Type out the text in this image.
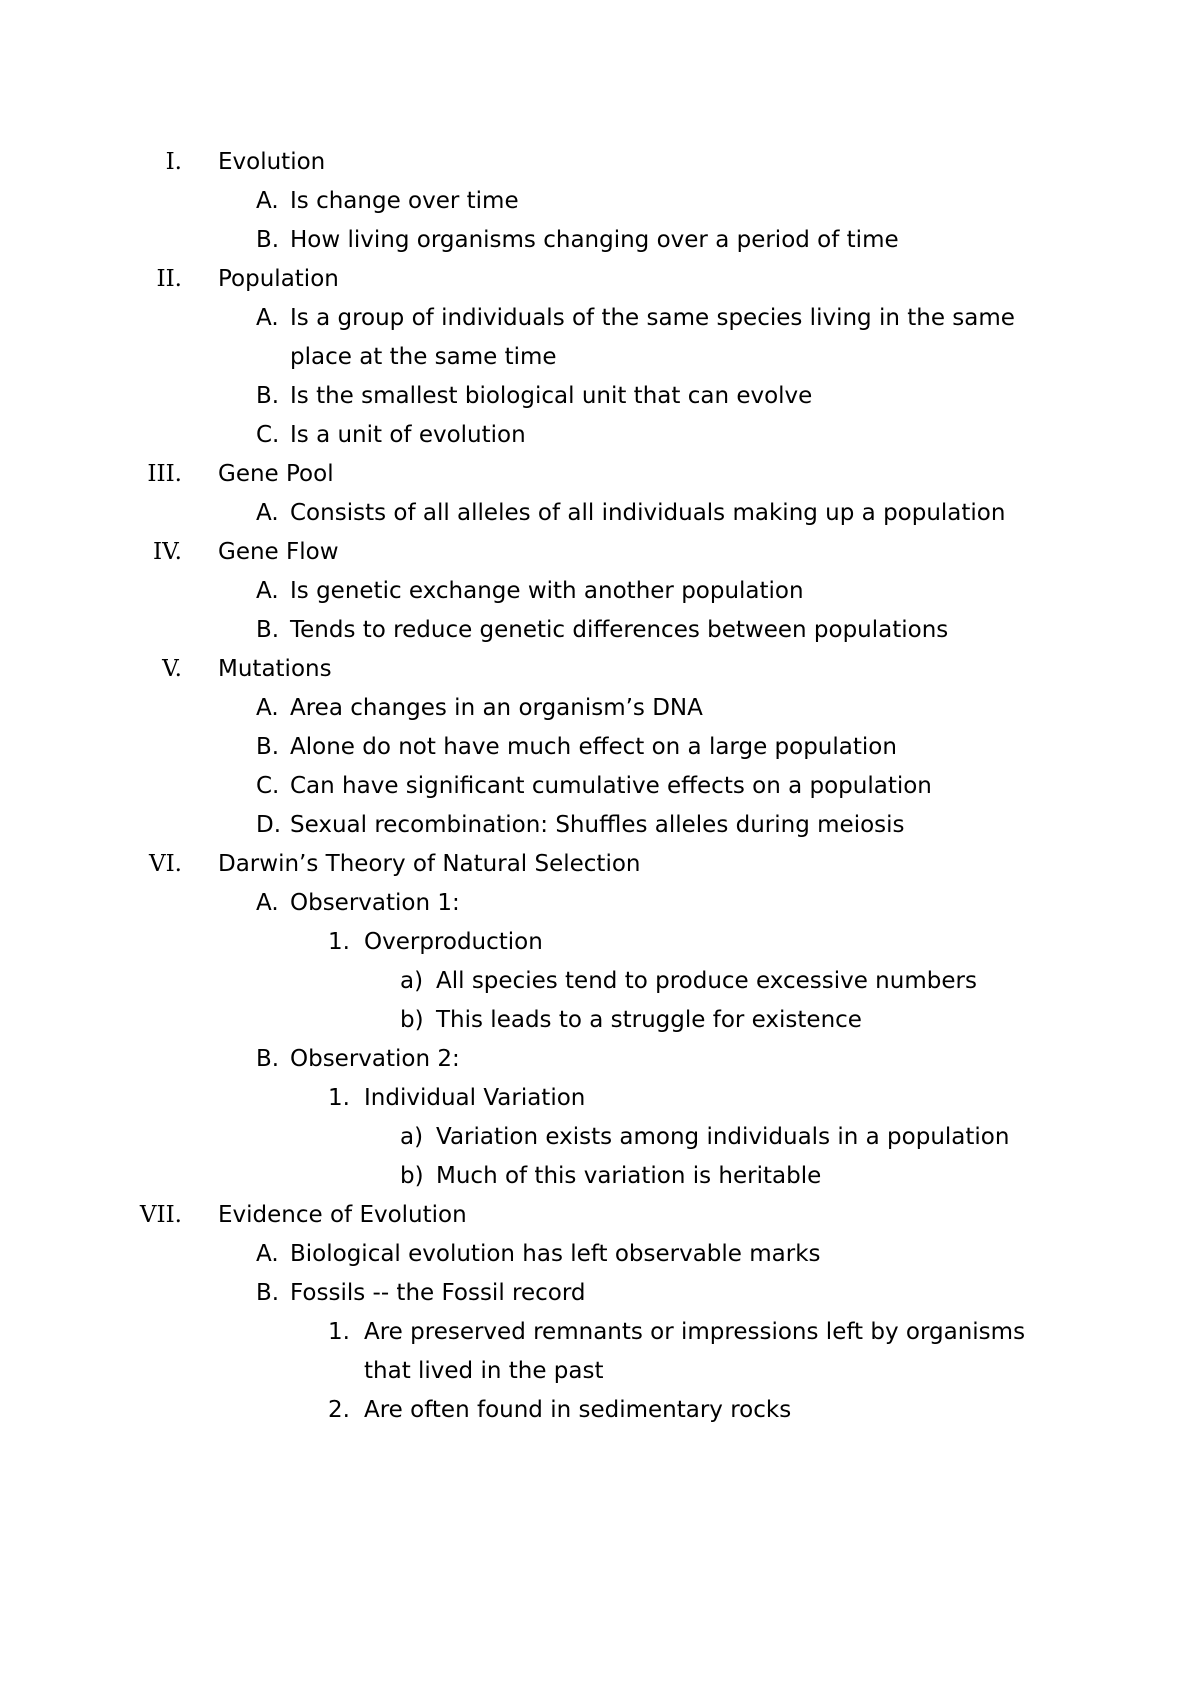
I. Evolution
A. Is change over time
B. How living organisms changing over a period of time
II. Population
A. Is a group of individuals of the same species living in the same
place at the same time
B. Is the smallest biological unit that can evolve
C. Is a unit of evolution
III. Gene Pool
A. Consists of all alleles of all individuals making up a population
IV. Gene Flow
A. Is genetic exchange with another population
B. Tends to reduce genetic differences between populations
V. Mutations
A. Area changes in an organism’s DNA
B. Alone do not have much effect on a large population
C. Can have significant cumulative effects on a population
D. Sexual recombination: Shuffles alleles during meiosis
VI. Darwin’s Theory of Natural Selection
A. Observation 1:
1. Overproduction
a) All species tend to produce excessive numbers
b) This leads to a struggle for existence
B. Observation 2:
1. Individual Variation
a) Variation exists among individuals in a population
b) Much of this variation is heritable
VII. Evidence of Evolution
A. Biological evolution has left observable marks
B. Fossils -- the Fossil record
1. Are preserved remnants or impressions left by organisms
that lived in the past
2. Are often found in sedimentary rocks
